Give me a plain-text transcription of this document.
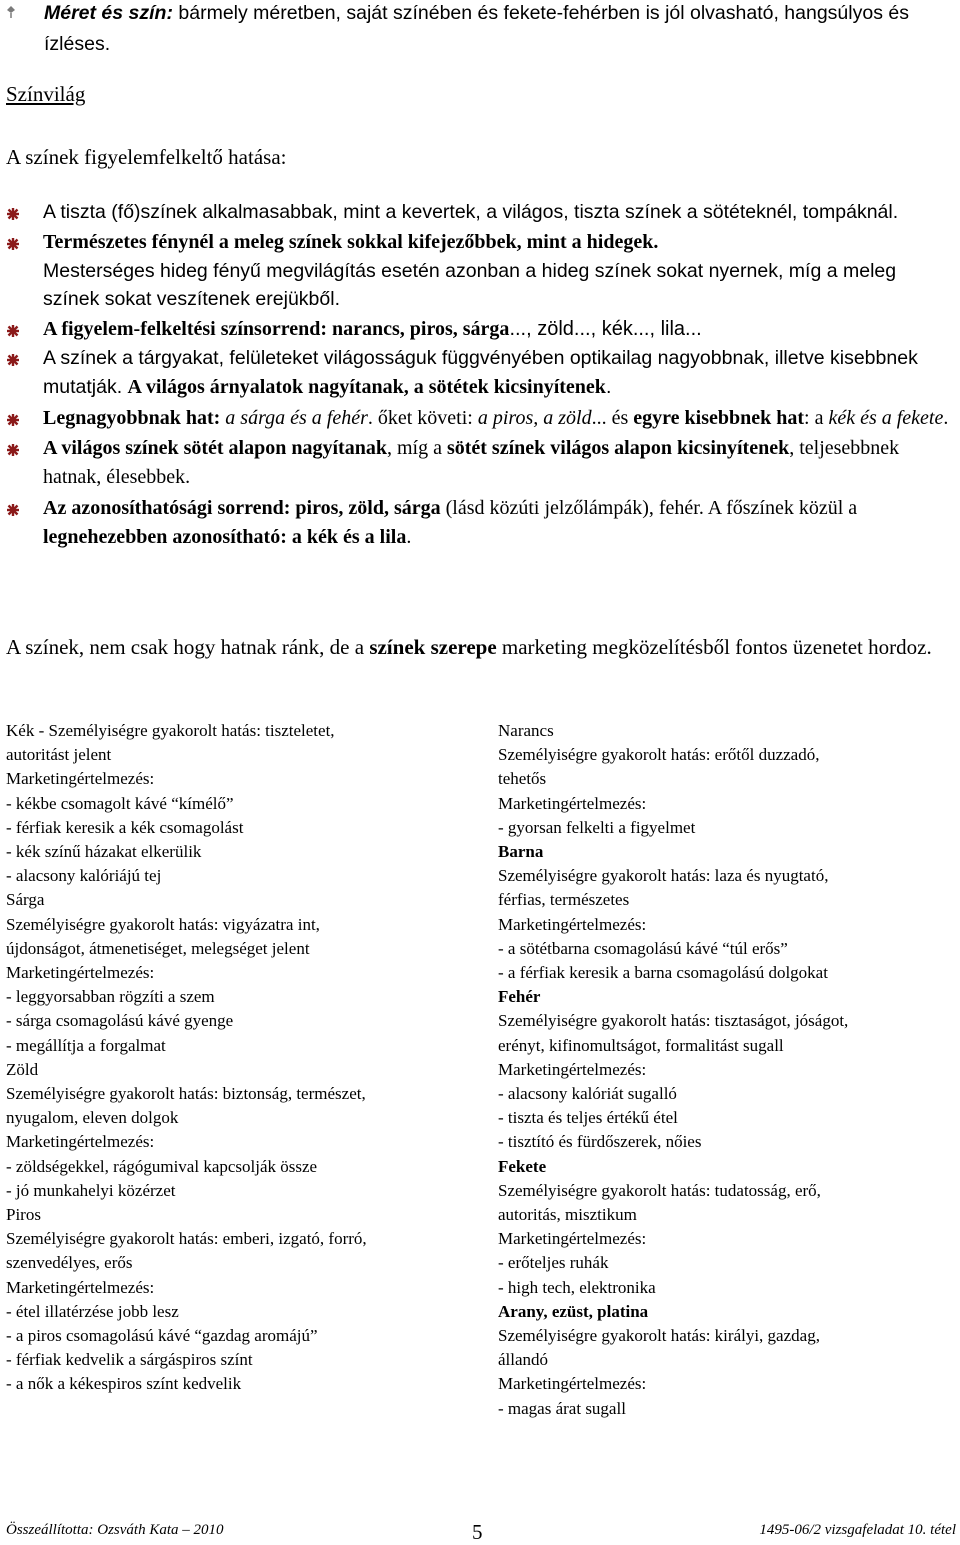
Méret és szín: bármely méretben, saját színében és fekete-fehérben is jól olvasható, hangsúlyos és ízléses.
Színvilág
A színek figyelemfelkeltő hatása:
A tiszta (fő)színek alkalmasabbak, mint a kevertek, a világos, tiszta színek a sötéteknél, tompáknál.
Természetes fénynél a meleg színek sokkal kifejezőbbek, mint a hidegek.
Mesterséges hideg fényű megvilágítás esetén azonban a hideg színek sokat nyernek, míg a meleg színek sokat veszítenek erejükből.
A figyelem-felkeltési színsorrend: narancs, piros, sárga..., zöld..., kék..., lila...
A színek a tárgyakat, felületeket világosságuk függvényében optikailag nagyobbnak, illetve kisebbnek mutatják. A világos árnyalatok nagyítanak, a sötétek kicsinyítenek.
Legnagyobbnak hat: a sárga és a fehér. őket követi: a piros, a zöld... és egyre kisebbnek hat: a kék és a fekete.
A világos színek sötét alapon nagyítanak, míg a sötét színek világos alapon kicsinyítenek, teljesebbnek hatnak, élesebbek.
Az azonosíthatósági sorrend: piros, zöld, sárga (lásd közúti jelzőlámpák), fehér. A főszínek közül a legnehezebben azonosítható: a kék és a lila.
A színek, nem csak hogy hatnak ránk, de a színek szerepe marketing megközelítésből fontos üzenetet hordoz.
Kék - Személyiségre gyakorolt hatás: tiszteletet,
autoritást jelent
Marketingértelmezés:
- kékbe csomagolt kávé “kímélő”
- férfiak keresik a kék csomagolást
- kék színű házakat elkerülik
- alacsony kalóriájú tej
Sárga
Személyiségre gyakorolt hatás: vigyázatra int,
újdonságot, átmenetiséget, melegséget jelent
Marketingértelmezés:
- leggyorsabban rögzíti a szem
- sárga csomagolású kávé gyenge
- megállítja a forgalmat
Zöld
Személyiségre gyakorolt hatás: biztonság, természet,
nyugalom, eleven dolgok
Marketingértelmezés:
- zöldségekkel, rágógumival kapcsolják össze
- jó munkahelyi közérzet
Piros
Személyiségre gyakorolt hatás: emberi, izgató, forró,
szenvedélyes, erős
Marketingértelmezés:
- étel illatérzése jobb lesz
- a piros csomagolású kávé “gazdag aromájú”
- férfiak kedvelik a sárgáspiros színt
- a nők a kékespiros színt kedvelik
Narancs
Személyiségre gyakorolt hatás: erőtől duzzadó,
tehetős
Marketingértelmezés:
- gyorsan felkelti a figyelmet
Barna
Személyiségre gyakorolt hatás: laza és nyugtató,
férfias, természetes
Marketingértelmezés:
- a sötétbarna csomagolású kávé “túl erős”
- a férfiak keresik a barna csomagolású dolgokat
Fehér
Személyiségre gyakorolt hatás: tisztaságot, jóságot,
erényt, kifinomultságot, formalitást sugall
Marketingértelmezés:
- alacsony kalóriát sugalló
- tiszta és teljes értékű étel
- tisztító és fürdőszerek, nőies
Fekete
Személyiségre gyakorolt hatás: tudatosság, erő,
autoritás, misztikum
Marketingértelmezés:
- erőteljes ruhák
- high tech, elektronika
Arany, ezüst, platina
Személyiségre gyakorolt hatás: királyi, gazdag,
állandó
Marketingértelmezés:
- magas árat sugall
Összeállította: Ozsváth Kata – 2010	5	1495-06/2 vizsgafeladat 10. tétel
